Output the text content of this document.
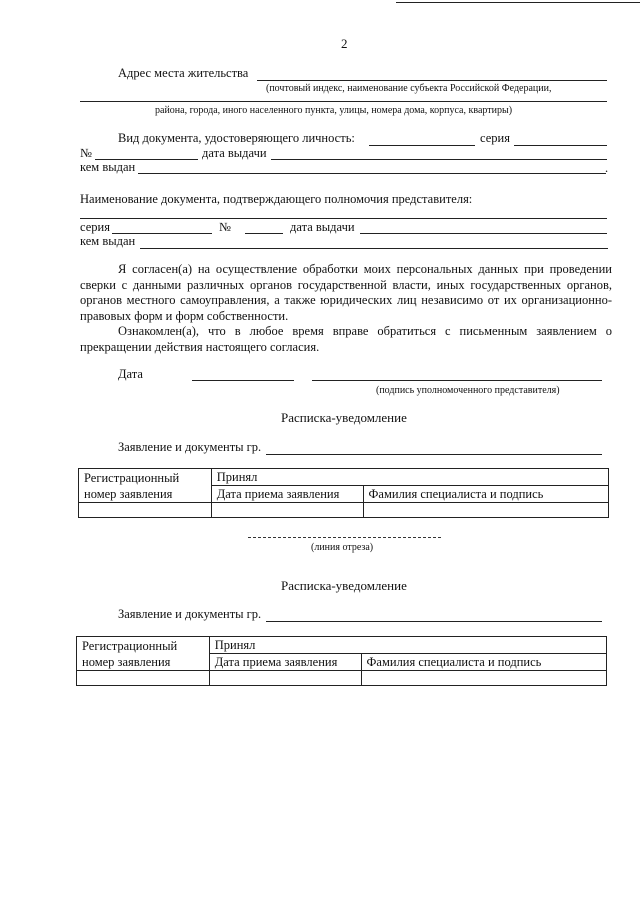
2
Адрес места жительства
(почтовый индекс, наименование субъекта Российской Федерации,
района, города, иного населенного пункта, улицы, номера дома, корпуса, квартиры)
Вид документа, удостоверяющего личность:	серия
№	дата выдачи
кем выдан	.
Наименование документа, подтверждающего полномочия представителя:
серия	№	дата выдачи
кем выдан
Я согласен(а) на осуществление обработки моих персональных данных при проведении сверки с данными различных органов государственной власти, иных государственных органов, органов местного самоуправления, а также юридических лиц независимо от их организационно-правовых форм и форм собственности.
Ознакомлен(а), что в любое время вправе обратиться с письменным заявлением о прекращении действия настоящего согласия.
Дата
(подпись уполномоченного представителя)
Расписка-уведомление
Заявление и документы гр.
Регистрационный	Принял	
номер заявления	Дата приема заявления	Фамилия специалиста и подпись

(линия отреза)
Расписка-уведомление
Заявление и документы гр.
Регистрационный	Принял	
номер заявления	Дата приема заявления	Фамилия специалиста и подпись
